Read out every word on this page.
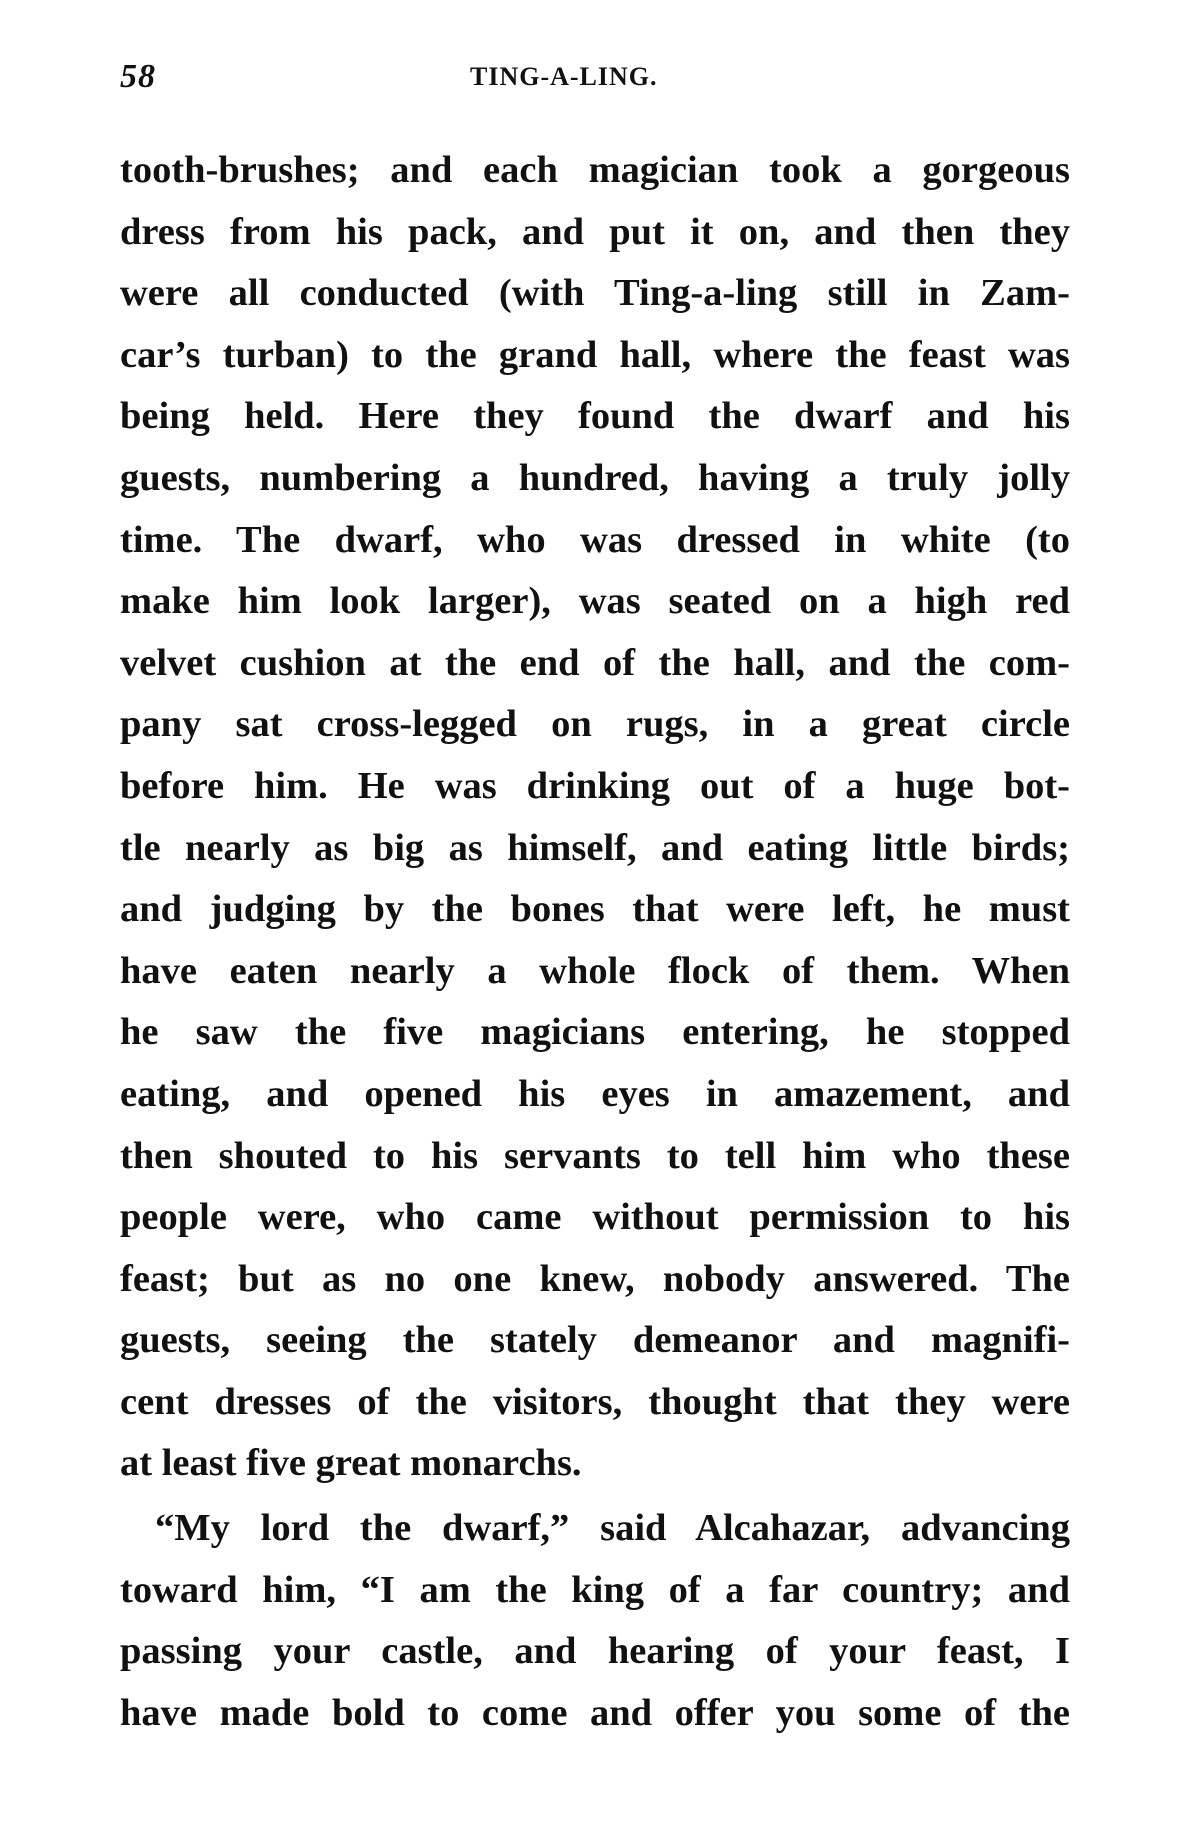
58	TING-A-LING.
tooth-brushes; and each magician took a gorgeous
dress from his pack, and put it on, and then they
were all conducted (with Ting-a-ling still in Zam-
car’s turban) to the grand hall, where the feast was
being held. Here they found the dwarf and his
guests, numbering a hundred, having a truly jolly
time. The dwarf, who was dressed in white (to
make him look larger), was seated on a high red
velvet cushion at the end of the hall, and the com-
pany sat cross-legged on rugs, in a great circle
before him. He was drinking out of a huge bot-
tle nearly as big as himself, and eating little birds;
and judging by the bones that were left, he must
have eaten nearly a whole flock of them. When
he saw the five magicians entering, he stopped
eating, and opened his eyes in amazement, and
then shouted to his servants to tell him who these
people were, who came without permission to his
feast; but as no one knew, nobody answered. The
guests, seeing the stately demeanor and magnifi-
cent dresses of the visitors, thought that they were
at least five great monarchs.
“My lord the dwarf,” said Alcahazar, advancing
toward him, “I am the king of a far country; and
passing your castle, and hearing of your feast, I
have made bold to come and offer you some of the
